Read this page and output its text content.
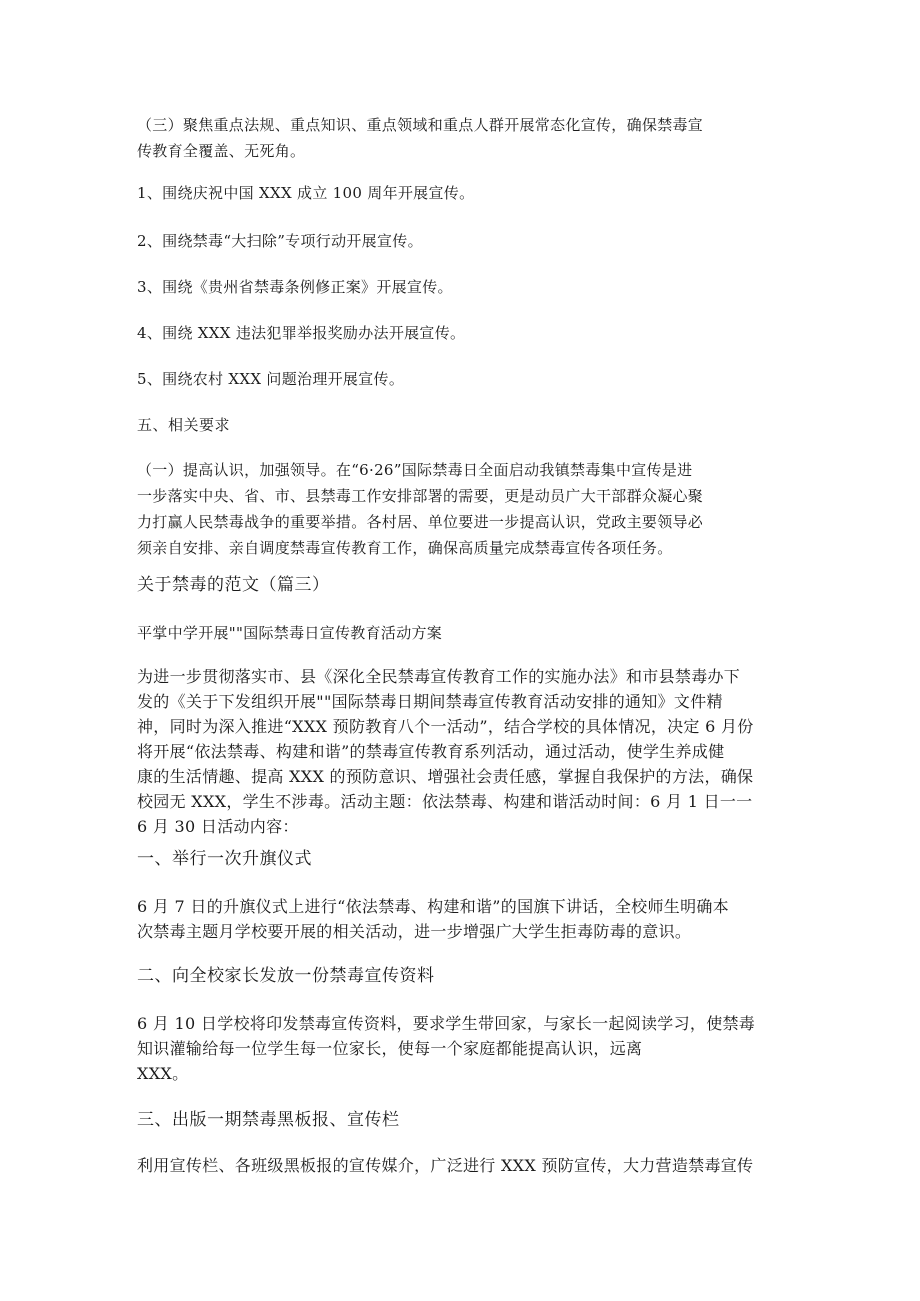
（三）聚焦重点法规、重点知识、重点领域和重点人群开展常态化宣传，确保禁毒宣
传教育全覆盖、无死角。

1、围绕庆祝中国 XXX 成立 100 周年开展宣传。

2、围绕禁毒“大扫除”专项行动开展宣传。

3、围绕《贵州省禁毒条例修正案》开展宣传。

4、围绕 XXX 违法犯罪举报奖励办法开展宣传。

5、围绕农村 XXX 问题治理开展宣传。

五、相关要求

（一）提高认识，加强领导。在“6·26”国际禁毒日全面启动我镇禁毒集中宣传是进
一步落实中央、省、市、县禁毒工作安排部署的需要，更是动员广大干部群众凝心聚
力打赢人民禁毒战争的重要举措。各村居、单位要进一步提高认识，党政主要领导必
须亲自安排、亲自调度禁毒宣传教育工作，确保高质量完成禁毒宣传各项任务。

关于禁毒的范文（篇三）

平掌中学开展""国际禁毒日宣传教育活动方案

为进一步贯彻落实市、县《深化全民禁毒宣传教育工作的实施办法》和市县禁毒办下
发的《关于下发组织开展""国际禁毒日期间禁毒宣传教育活动安排的通知》文件精
神，同时为深入推进“XXX 预防教育八个一活动”，结合学校的具体情况，决定 6 月份
将开展“依法禁毒、构建和谐”的禁毒宣传教育系列活动，通过活动，使学生养成健
康的生活情趣、提高 XXX 的预防意识、增强社会责任感，掌握自我保护的方法，确保
校园无 XXX，学生不涉毒。活动主题：依法禁毒、构建和谐活动时间：6 月 1 日一一
6 月 30 日活动内容：

一、举行一次升旗仪式

6 月 7 日的升旗仪式上进行“依法禁毒、构建和谐”的国旗下讲话，全校师生明确本
次禁毒主题月学校要开展的相关活动，进一步增强广大学生拒毒防毒的意识。

二、向全校家长发放一份禁毒宣传资料

6 月 10 日学校将印发禁毒宣传资料，要求学生带回家，与家长一起阅读学习，使禁毒
知识灌输给每一位学生每一位家长，使每一个家庭都能提高认识，远离
XXX。

三、出版一期禁毒黑板报、宣传栏

利用宣传栏、各班级黑板报的宣传媒介，广泛进行 XXX 预防宣传，大力营造禁毒宣传
